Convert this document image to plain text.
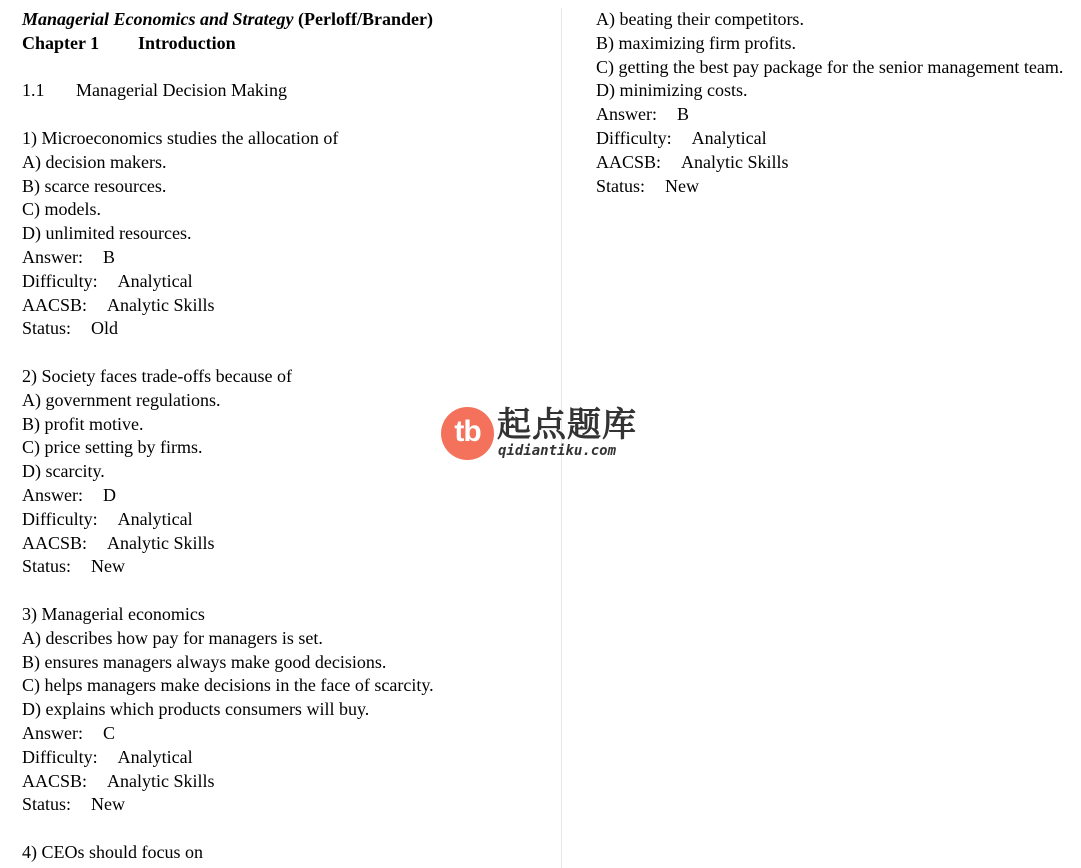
Managerial Economics and Strategy (Perloff/Brander)
Chapter 1 Introduction
1.1 Managerial Decision Making
1) Microeconomics studies the allocation of
A) decision makers.
B) scarce resources.
C) models.
D) unlimited resources.
Answer: B
Difficulty: Analytical
AACSB: Analytic Skills
Status: Old
2) Society faces trade-offs because of
A) government regulations.
B) profit motive.
C) price setting by firms.
D) scarcity.
Answer: D
Difficulty: Analytical
AACSB: Analytic Skills
Status: New
3) Managerial economics
A) describes how pay for managers is set.
B) ensures managers always make good decisions.
C) helps managers make decisions in the face of scarcity.
D) explains which products consumers will buy.
Answer: C
Difficulty: Analytical
AACSB: Analytic Skills
Status: New
4) CEOs should focus on
A) beating their competitors.
B) maximizing firm profits.
C) getting the best pay package for the senior management team.
D) minimizing costs.
Answer: B
Difficulty: Analytical
AACSB: Analytic Skills
Status: New
tb 起点题库
qidiantiku.com
